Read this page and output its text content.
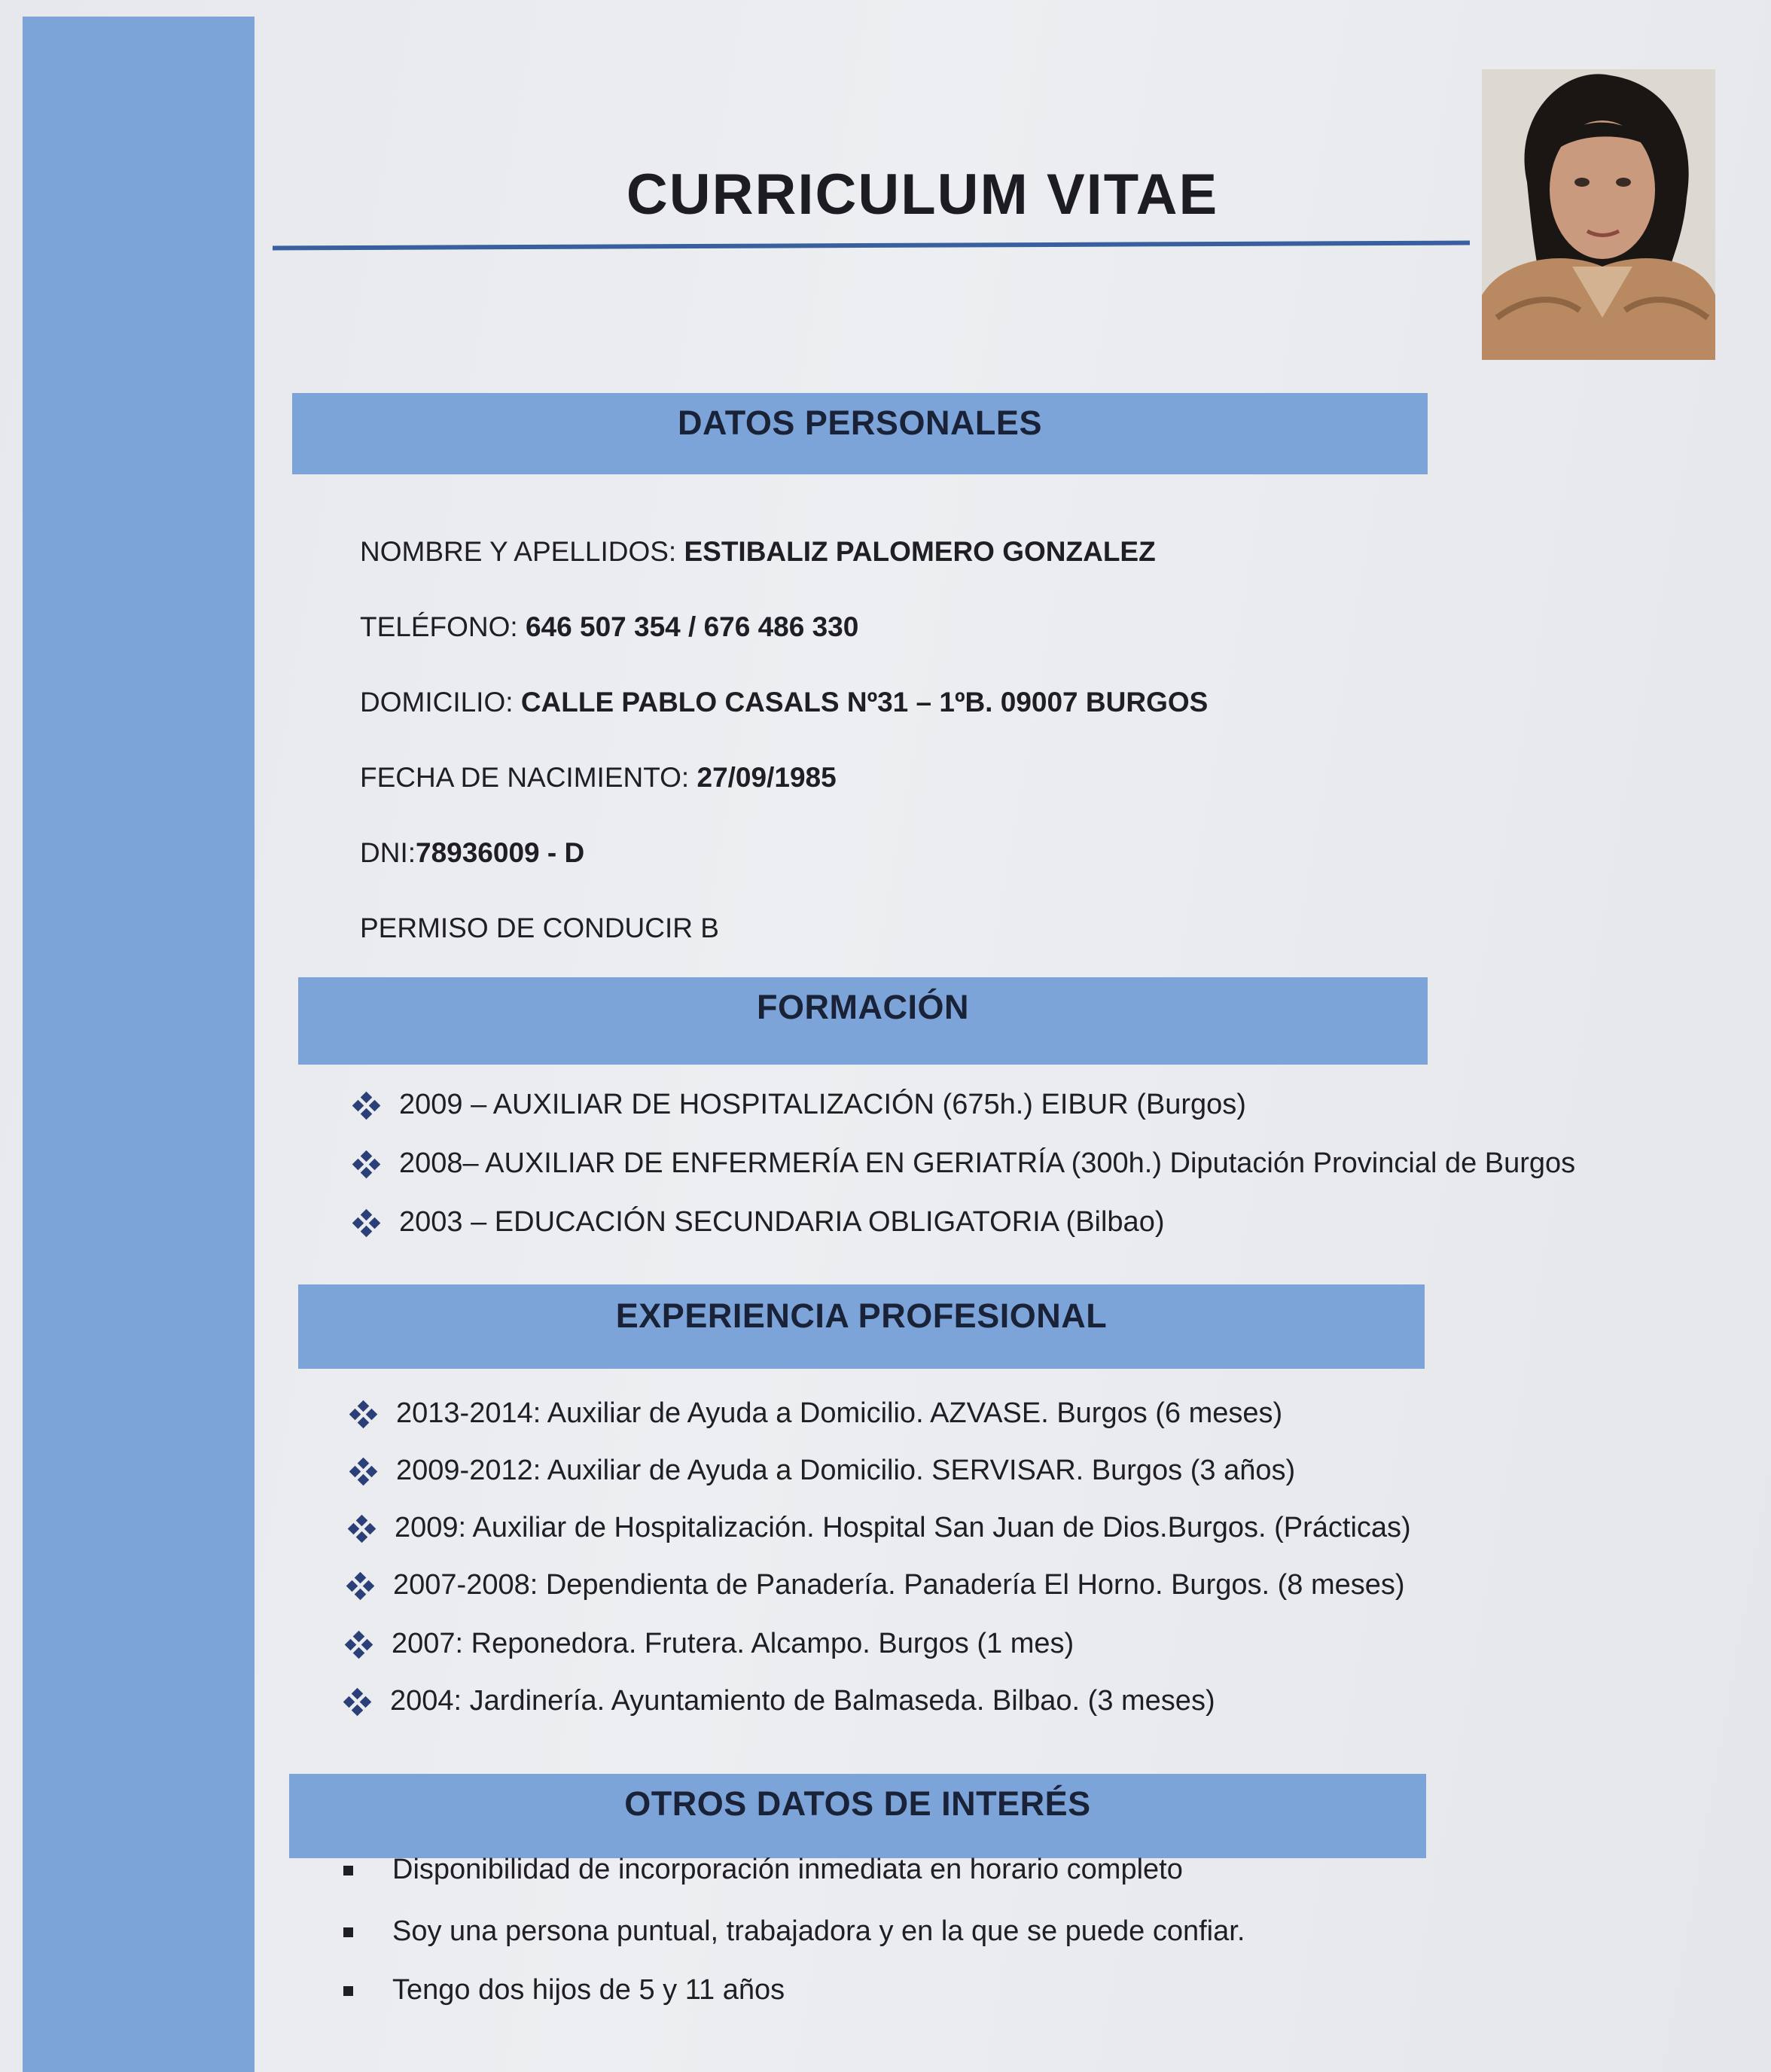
CURRICULUM VITAE
DATOS PERSONALES
NOMBRE Y APELLIDOS: ESTIBALIZ PALOMERO GONZALEZ
TELÉFONO: 646 507 354 / 676 486 330
DOMICILIO: CALLE PABLO CASALS Nº31 – 1ºB. 09007 BURGOS
FECHA DE NACIMIENTO: 27/09/1985
DNI:78936009 - D
PERMISO DE CONDUCIR B
FORMACIÓN
2009 – AUXILIAR DE HOSPITALIZACIÓN (675h.) EIBUR (Burgos)
2008– AUXILIAR DE ENFERMERÍA EN GERIATRÍA (300h.) Diputación Provincial de Burgos
2003 – EDUCACIÓN SECUNDARIA OBLIGATORIA (Bilbao)
EXPERIENCIA PROFESIONAL
2013-2014: Auxiliar de Ayuda a Domicilio. AZVASE. Burgos (6 meses)
2009-2012: Auxiliar de Ayuda a Domicilio. SERVISAR. Burgos (3 años)
2009: Auxiliar de Hospitalización. Hospital San Juan de Dios.Burgos. (Prácticas)
2007-2008: Dependienta de Panadería. Panadería El Horno. Burgos. (8 meses)
2007: Reponedora. Frutera. Alcampo. Burgos (1 mes)
2004: Jardinería. Ayuntamiento de Balmaseda. Bilbao. (3 meses)
OTROS DATOS DE INTERÉS
Disponibilidad de incorporación inmediata en horario completo
Soy una persona puntual, trabajadora y en la que se puede confiar.
Tengo dos hijos de 5 y 11 años
